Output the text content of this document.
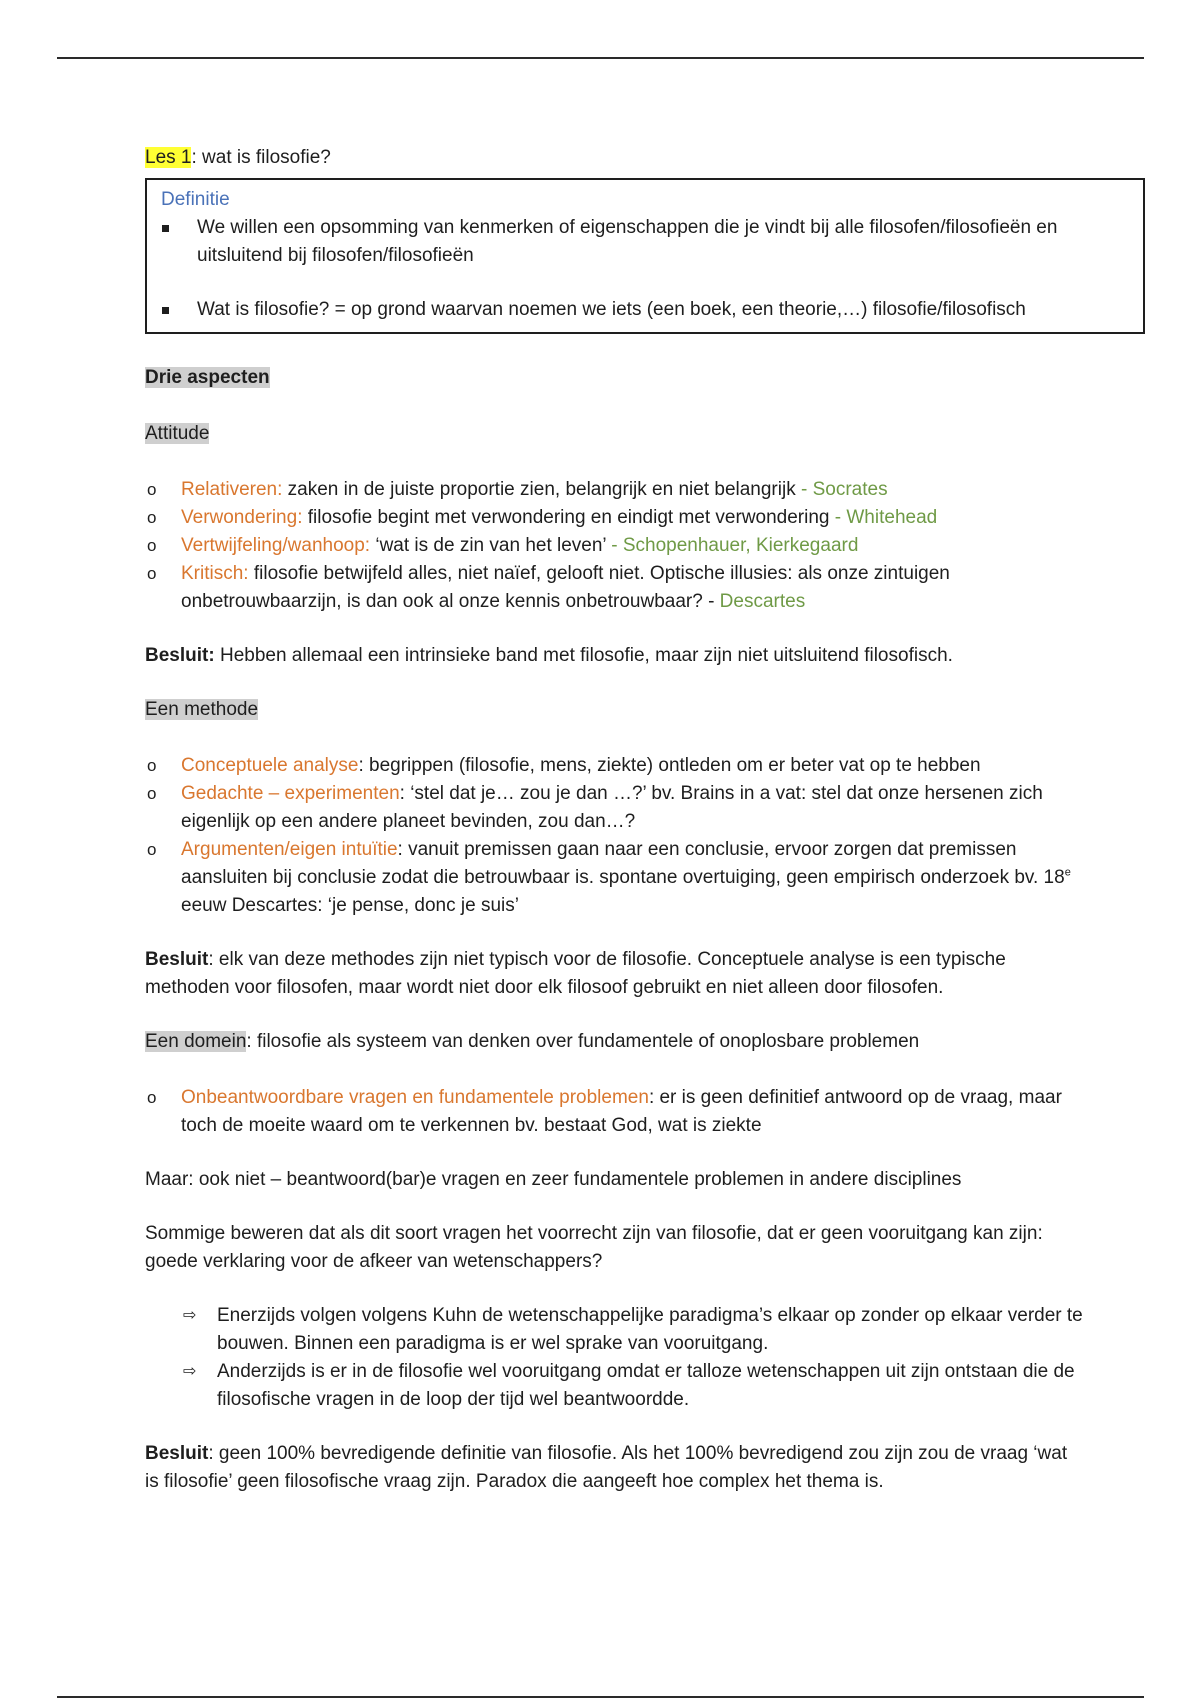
Les 1: wat is filosofie?

Definitie

We willen een opsomming van kenmerken of eigenschappen die je vindt bij alle filosofen/filosofieën en uitsluitend bij filosofen/filosofieën
Wat is filosofie? = op grond waarvan noemen we iets (een boek, een theorie,…) filosofie/filosofisch

Drie aspecten

Attitude

o Relativeren: zaken in de juiste proportie zien, belangrijk en niet belangrijk - Socrates
o Verwondering: filosofie begint met verwondering en eindigt met verwondering - Whitehead
o Vertwijfeling/wanhoop: ‘wat is de zin van het leven’ - Schopenhauer, Kierkegaard
o Kritisch: filosofie betwijfeld alles, niet naïef, gelooft niet. Optische illusies: als onze zintuigen onbetrouwbaarzijn, is dan ook al onze kennis onbetrouwbaar? - Descartes

Besluit: Hebben allemaal een intrinsieke band met filosofie, maar zijn niet uitsluitend filosofisch.

Een methode

o Conceptuele analyse: begrippen (filosofie, mens, ziekte) ontleden om er beter vat op te hebben
o Gedachte – experimenten: ‘stel dat je… zou je dan …?’ bv. Brains in a vat: stel dat onze hersenen zich eigenlijk op een andere planeet bevinden, zou dan…?
o Argumenten/eigen intuïtie: vanuit premissen gaan naar een conclusie, ervoor zorgen dat premissen aansluiten bij conclusie zodat die betrouwbaar is. spontane overtuiging, geen empirisch onderzoek bv. 18e eeuw Descartes: ‘je pense, donc je suis’

Besluit: elk van deze methodes zijn niet typisch voor de filosofie. Conceptuele analyse is een typische methoden voor filosofen, maar wordt niet door elk filosoof gebruikt en niet alleen door filosofen.

Een domein: filosofie als systeem van denken over fundamentele of onoplosbare problemen

o Onbeantwoordbare vragen en fundamentele problemen: er is geen definitief antwoord op de vraag, maar toch de moeite waard om te verkennen bv. bestaat God, wat is ziekte

Maar: ook niet – beantwoord(bar)e vragen en zeer fundamentele problemen in andere disciplines

Sommige beweren dat als dit soort vragen het voorrecht zijn van filosofie, dat er geen vooruitgang kan zijn: goede verklaring voor de afkeer van wetenschappers?

⇨ Enerzijds volgen volgens Kuhn de wetenschappelijke paradigma’s elkaar op zonder op elkaar verder te bouwen. Binnen een paradigma is er wel sprake van vooruitgang.
⇨ Anderzijds is er in de filosofie wel vooruitgang omdat er talloze wetenschappen uit zijn ontstaan die de filosofische vragen in de loop der tijd wel beantwoordde.

Besluit: geen 100% bevredigende definitie van filosofie. Als het 100% bevredigend zou zijn zou de vraag ‘wat is filosofie’ geen filosofische vraag zijn. Paradox die aangeeft hoe complex het thema is.
